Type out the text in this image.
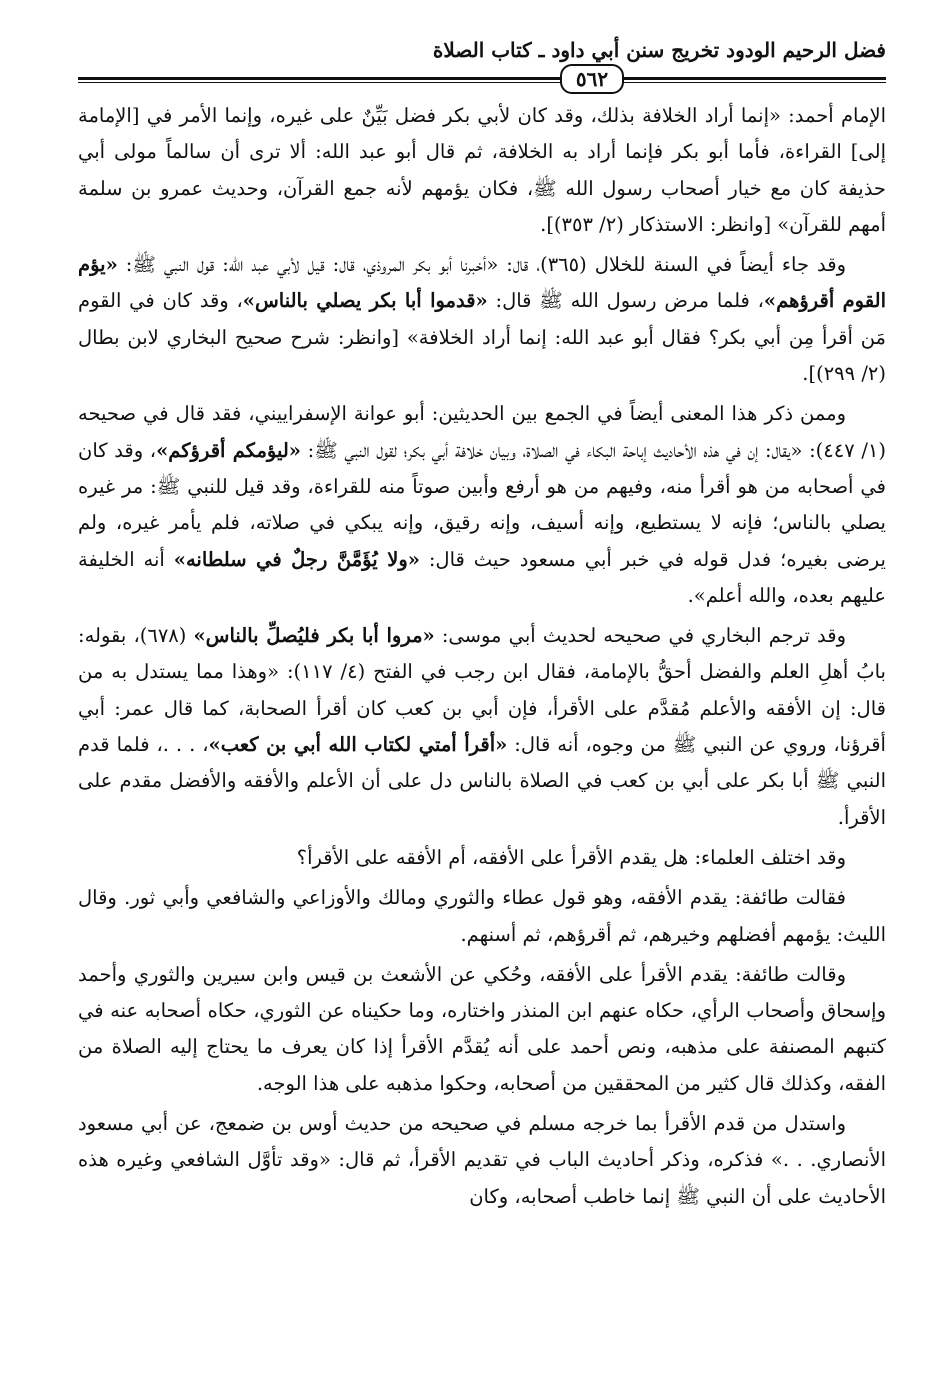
فضل الرحيم الودود تخريج سنن أبي داود ـ كتاب الصلاة
٥٦٢

الإمام أحمد: «إنما أراد الخلافة بذلك، وقد كان لأبي بكر فضل بَيِّنٌ على غيره، وإنما الأمر في [الإمامة إلى] القراءة، فأما أبو بكر فإنما أراد به الخلافة، ثم قال أبو عبد الله: ألا ترى أن سالماً مولى أبي حذيفة كان مع خيار أصحاب رسول الله ﷺ، فكان يؤمهم لأنه جمع القرآن، وحديث عمرو بن سلمة أمهم للقرآن» [وانظر: الاستذكار (٢/ ٣٥٣)].

وقد جاء أيضاً في السنة للخلال (٣٦٥)، قال: «أخبرنا أبو بكر المروذي، قال: قيل لأبي عبد الله: قول النبي ﷺ: «يؤم القوم أقرؤهم»، فلما مرض رسول الله ﷺ قال: «قدموا أبا بكر يصلي بالناس»، وقد كان في القوم مَن أقرأ مِن أبي بكر؟ فقال أبو عبد الله: إنما أراد الخلافة» [وانظر: شرح صحيح البخاري لابن بطال (٢/ ٢٩٩)].

وممن ذكر هذا المعنى أيضاً في الجمع بين الحديثين: أبو عوانة الإسفراييني، فقد قال في صحيحه (١/ ٤٤٧): «يقال: إن في هذه الأحاديث إباحة البكاء في الصلاة، وبيان خلافة أبي بكر؛ لقول النبي ﷺ: «ليؤمكم أقرؤكم»، وقد كان في أصحابه من هو أقرأ منه، وفيهم من هو أرفع وأبين صوتاً منه للقراءة، وقد قيل للنبي ﷺ: مر غيره يصلي بالناس؛ فإنه لا يستطيع، وإنه أسيف، وإنه رقيق، وإنه يبكي في صلاته، فلم يأمر غيره، ولم يرضى بغيره؛ فدل قوله في خبر أبي مسعود حيث قال: «ولا يُؤَمَّنَّ رجلٌ في سلطانه» أنه الخليفة عليهم بعده، والله أعلم».

وقد ترجم البخاري في صحيحه لحديث أبي موسى: «مروا أبا بكر فليُصلِّ بالناس» (٦٧٨)، بقوله: بابُ أهلِ العلم والفضل أحقُّ بالإمامة، فقال ابن رجب في الفتح (٤/ ١١٧): «وهذا مما يستدل به من قال: إن الأفقه والأعلم مُقدَّم على الأقرأ، فإن أبي بن كعب كان أقرأ الصحابة، كما قال عمر: أبي أقرؤنا، وروي عن النبي ﷺ من وجوه، أنه قال: «أقرأ أمتي لكتاب الله أبي بن كعب»، . . .، فلما قدم النبي ﷺ أبا بكر على أبي بن كعب في الصلاة بالناس دل على أن الأعلم والأفقه والأفضل مقدم على الأقرأ.

وقد اختلف العلماء: هل يقدم الأقرأ على الأفقه، أم الأفقه على الأقرأ؟

فقالت طائفة: يقدم الأفقه، وهو قول عطاء والثوري ومالك والأوزاعي والشافعي وأبي ثور. وقال الليث: يؤمهم أفضلهم وخيرهم، ثم أقرؤهم، ثم أسنهم.

وقالت طائفة: يقدم الأقرأ على الأفقه، وحُكي عن الأشعث بن قيس وابن سيرين والثوري وأحمد وإسحاق وأصحاب الرأي، حكاه عنهم ابن المنذر واختاره، وما حكيناه عن الثوري، حكاه أصحابه عنه في كتبهم المصنفة على مذهبه، ونص أحمد على أنه يُقدَّم الأقرأ إذا كان يعرف ما يحتاج إليه الصلاة من الفقه، وكذلك قال كثير من المحققين من أصحابه، وحكوا مذهبه على هذا الوجه.

واستدل من قدم الأقرأ بما خرجه مسلم في صحيحه من حديث أوس بن ضمعج، عن أبي مسعود الأنصاري. . .» فذكره، وذكر أحاديث الباب في تقديم الأقرأ، ثم قال: «وقد تأوَّل الشافعي وغيره هذه الأحاديث على أن النبي ﷺ إنما خاطب أصحابه، وكان
